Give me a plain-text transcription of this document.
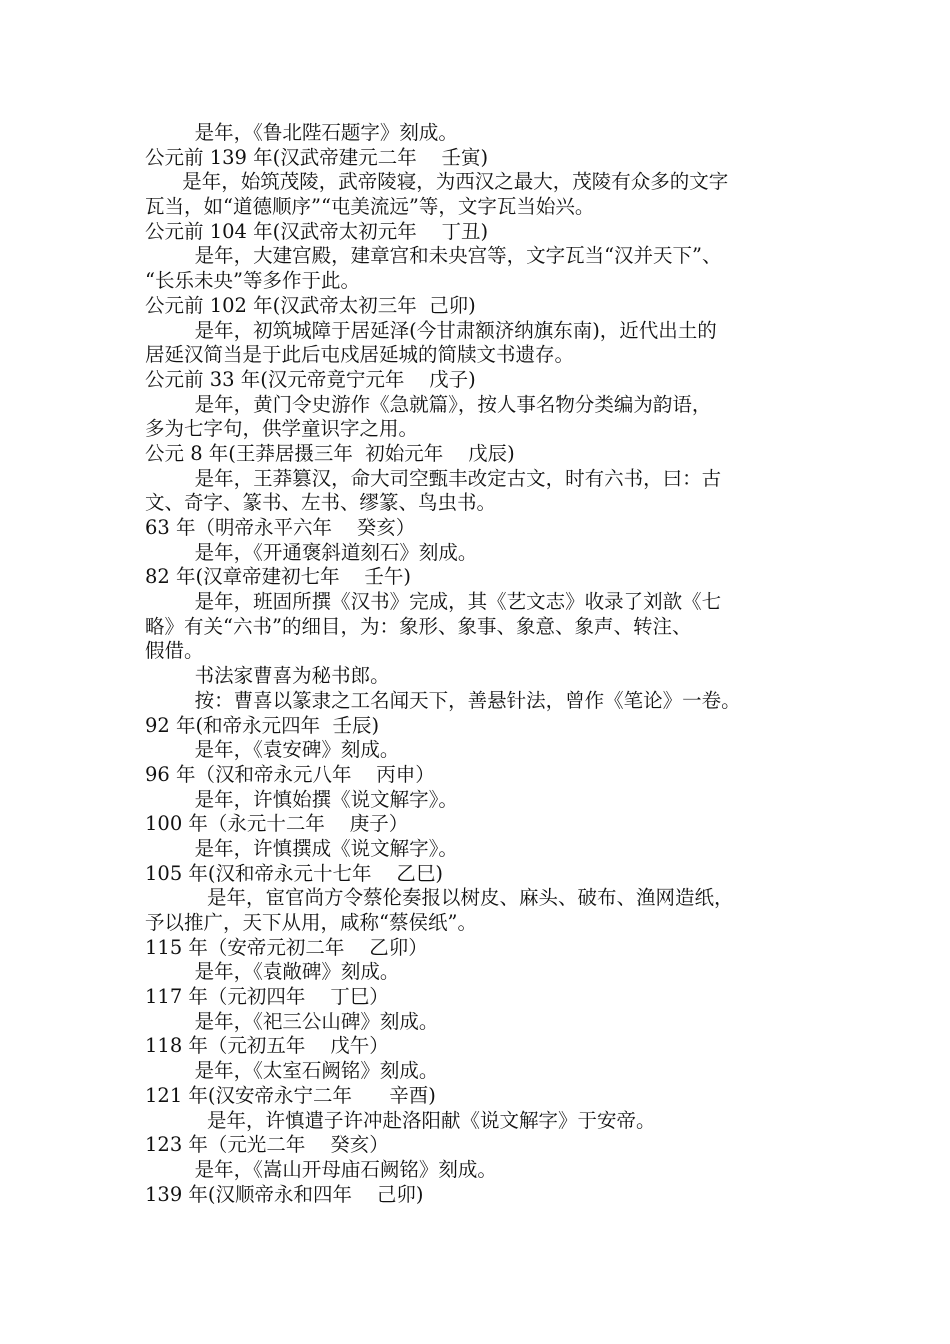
是年，《鲁北陛石题字》刻成。

公元前 139 年(汉武帝建元二年    壬寅)

是年，始筑茂陵，武帝陵寝，为西汉之最大，茂陵有众多的文字

瓦当，如“道德顺序”“屯美流远”等，文字瓦当始兴。

公元前 104 年(汉武帝太初元年    丁丑)

是年，大建宫殿，建章宫和未央宫等，文字瓦当“汉并天下”、

“长乐未央”等多作于此。

公元前 102 年(汉武帝太初三年  己卯)

是年，初筑城障于居延泽(今甘肃额济纳旗东南)，近代出土的

居延汉简当是于此后屯戍居延城的简牍文书遗存。

公元前 33 年(汉元帝竟宁元年    戊子)

是年，黄门令史游作《急就篇》，按人事名物分类编为韵语，

多为七字句，供学童识字之用。

公元 8 年(王莽居摄三年  初始元年    戊辰)

是年，王莽篡汉，命大司空甄丰改定古文，时有六书，曰：古

文、奇字、篆书、左书、缪篆、鸟虫书。

63 年（明帝永平六年    癸亥）

是年，《开通褒斜道刻石》刻成。

82 年(汉章帝建初七年    壬午)

是年，班固所撰《汉书》完成，其《艺文志》收录了刘歆《七

略》有关“六书”的细目，为：象形、象事、象意、象声、转注、

假借。

书法家曹喜为秘书郎。

按：曹喜以篆隶之工名闻天下，善悬针法，曾作《笔论》一卷。

92 年(和帝永元四年  壬辰)

是年，《袁安碑》刻成。

96 年（汉和帝永元八年    丙申）

是年，许慎始撰《说文解字》。

100 年（永元十二年    庚子）

是年，许慎撰成《说文解字》。

105 年(汉和帝永元十七年    乙巳)

是年，宦官尚方令蔡伦奏报以树皮、麻头、破布、渔网造纸，

予以推广，天下从用，咸称“蔡侯纸”。

115 年（安帝元初二年    乙卯）

是年，《袁敞碑》刻成。

117 年（元初四年    丁巳）

是年，《祀三公山碑》刻成。

118 年（元初五年    戊午）

是年，《太室石阙铭》刻成。

121 年(汉安帝永宁二年      辛酉)

是年，许慎遣子许冲赴洛阳献《说文解字》于安帝。

123 年（元光二年    癸亥）

是年，《嵩山开母庙石阙铭》刻成。

139 年(汉顺帝永和四年    己卯)
